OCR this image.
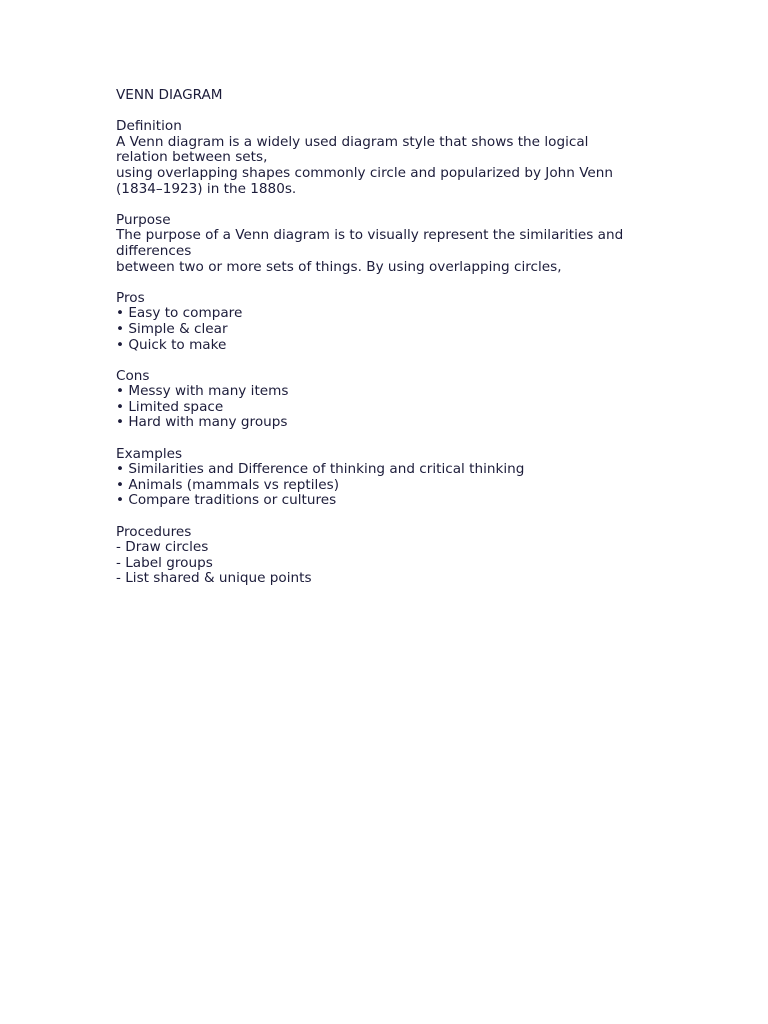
VENN DIAGRAM
Definition
A Venn diagram is a widely used diagram style that shows the logical
relation between sets,
using overlapping shapes commonly circle and popularized by John Venn
(1834–1923) in the 1880s.
Purpose
The purpose of a Venn diagram is to visually represent the similarities and
differences
between two or more sets of things. By using overlapping circles,
Pros
• Easy to compare
• Simple & clear
• Quick to make
Cons
• Messy with many items
• Limited space
• Hard with many groups
Examples
• Similarities and Difference of thinking and critical thinking
• Animals (mammals vs reptiles)
• Compare traditions or cultures
Procedures
- Draw circles
- Label groups
- List shared & unique points
